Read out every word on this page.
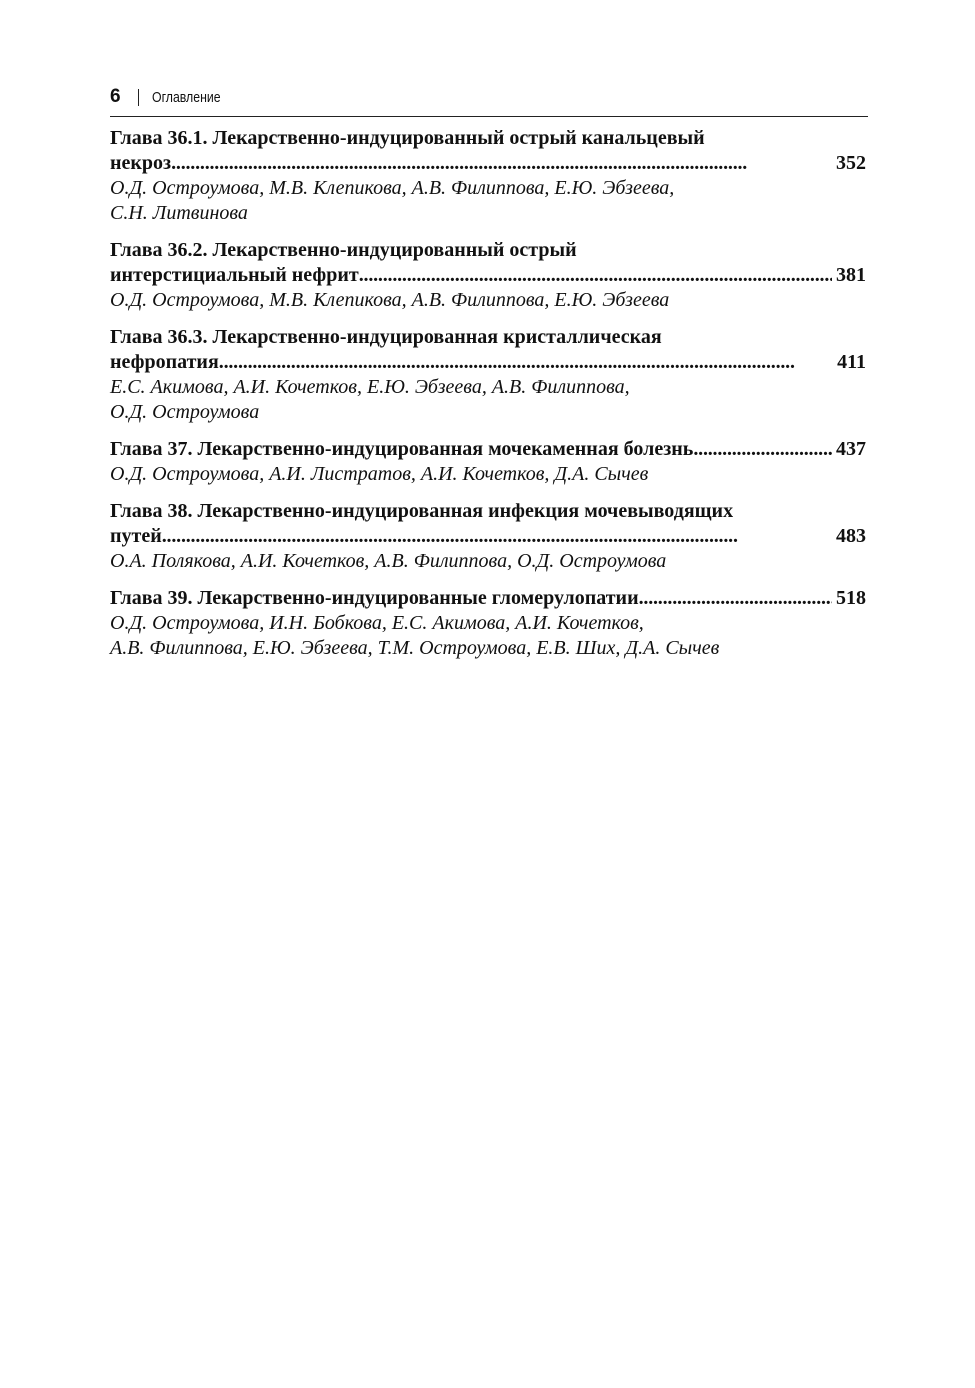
6 Оглавление
Глава 36.1. Лекарственно-индуцированный острый канальцевый
некроз . . .	352
О.Д. Остроумова, М.В. Клепикова, А.В. Филиппова, Е.Ю. Эбзеева,
С.Н. Литвинова
Глава 36.2. Лекарственно-индуцированный острый
интерстициальный нефрит . . .	381
О.Д. Остроумова, М.В. Клепикова, А.В. Филиппова, Е.Ю. Эбзеева
Глава 36.3. Лекарственно-индуцированная кристаллическая
нефропатия . . .	411
Е.С. Акимова, А.И. Кочетков, Е.Ю. Эбзеева, А.В. Филиппова,
О.Д. Остроумова
Глава 37. Лекарственно-индуцированная мочекаменная болезнь . . .	437
О.Д. Остроумова, А.И. Листратов, А.И. Кочетков, Д.А. Сычев
Глава 38. Лекарственно-индуцированная инфекция мочевыводящих
путей . . .	483
О.А. Полякова, А.И. Кочетков, А.В. Филиппова, О.Д. Остроумова
Глава 39. Лекарственно-индуцированные гломерулопатии . . .	518
О.Д. Остроумова, И.Н. Бобкова, Е.С. Акимова, А.И. Кочетков,
А.В. Филиппова, Е.Ю. Эбзеева, Т.М. Остроумова, Е.В. Ших, Д.А. Сычев
